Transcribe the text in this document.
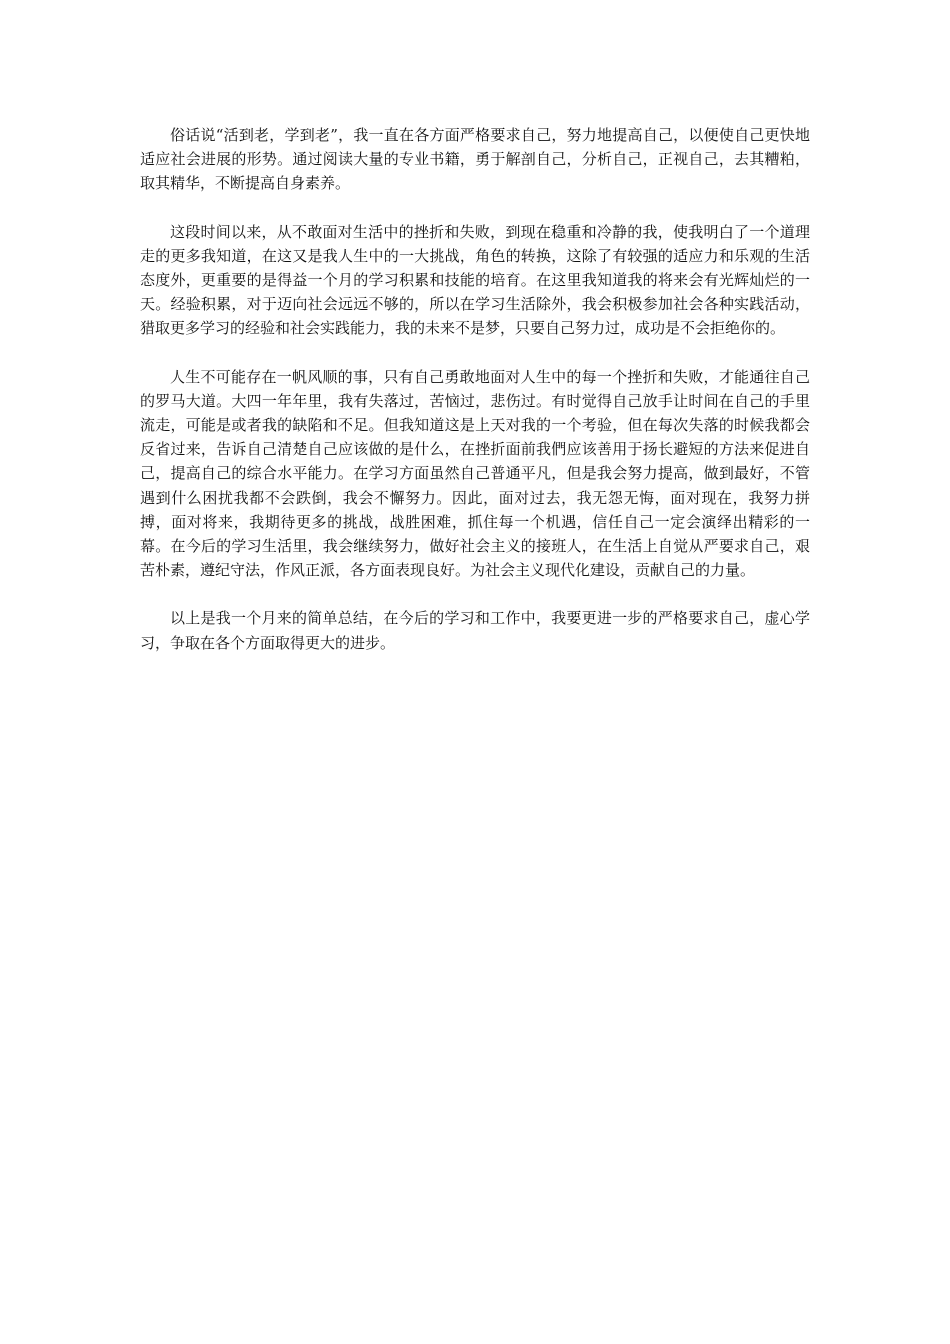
俗话说“活到老，学到老”，我一直在各方面严格要求自己，努力地提高自己，以便使自己更快地适应社会进展的形势。通过阅读大量的专业书籍，勇于解剖自己，分析自己，正视自己，去其糟粕，取其精华，不断提高自身素养。

这段时间以来，从不敢面对生活中的挫折和失败，到现在稳重和冷静的我，使我明白了一个道理走的更多我知道，在这又是我人生中的一大挑战，角色的转换，这除了有较强的适应力和乐观的生活态度外，更重要的是得益一个月的学习积累和技能的培育。在这里我知道我的将来会有光辉灿烂的一天。经验积累，对于迈向社会远远不够的，所以在学习生活除外，我会积极参加社会各种实践活动，猎取更多学习的经验和社会实践能力，我的未来不是梦，只要自己努力过，成功是不会拒绝你的。

人生不可能存在一帆风顺的事，只有自己勇敢地面对人生中的每一个挫折和失败，才能通往自己的罗马大道。大四一年年里，我有失落过，苦恼过，悲伤过。有时觉得自己放手让时间在自己的手里流走，可能是或者我的缺陷和不足。但我知道这是上天对我的一个考验，但在每次失落的时候我都会反省过来，告诉自己清楚自己应该做的是什么，在挫折面前我們应该善用于扬长避短的方法来促进自己，提高自己的综合水平能力。在学习方面虽然自己普通平凡，但是我会努力提高，做到最好，不管遇到什么困扰我都不会跌倒，我会不懈努力。因此，面对过去，我无怨无悔，面对现在，我努力拼搏，面对将来，我期待更多的挑战，战胜困难，抓住每一个机遇，信任自己一定会演绎出精彩的一幕。在今后的学习生活里，我会继续努力，做好社会主义的接班人，在生活上自觉从严要求自己，艰苦朴素，遵纪守法，作风正派，各方面表现良好。为社会主义现代化建设，贡献自己的力量。

以上是我一个月来的简单总结，在今后的学习和工作中，我要更进一步的严格要求自己，虚心学习，争取在各个方面取得更大的进步。
